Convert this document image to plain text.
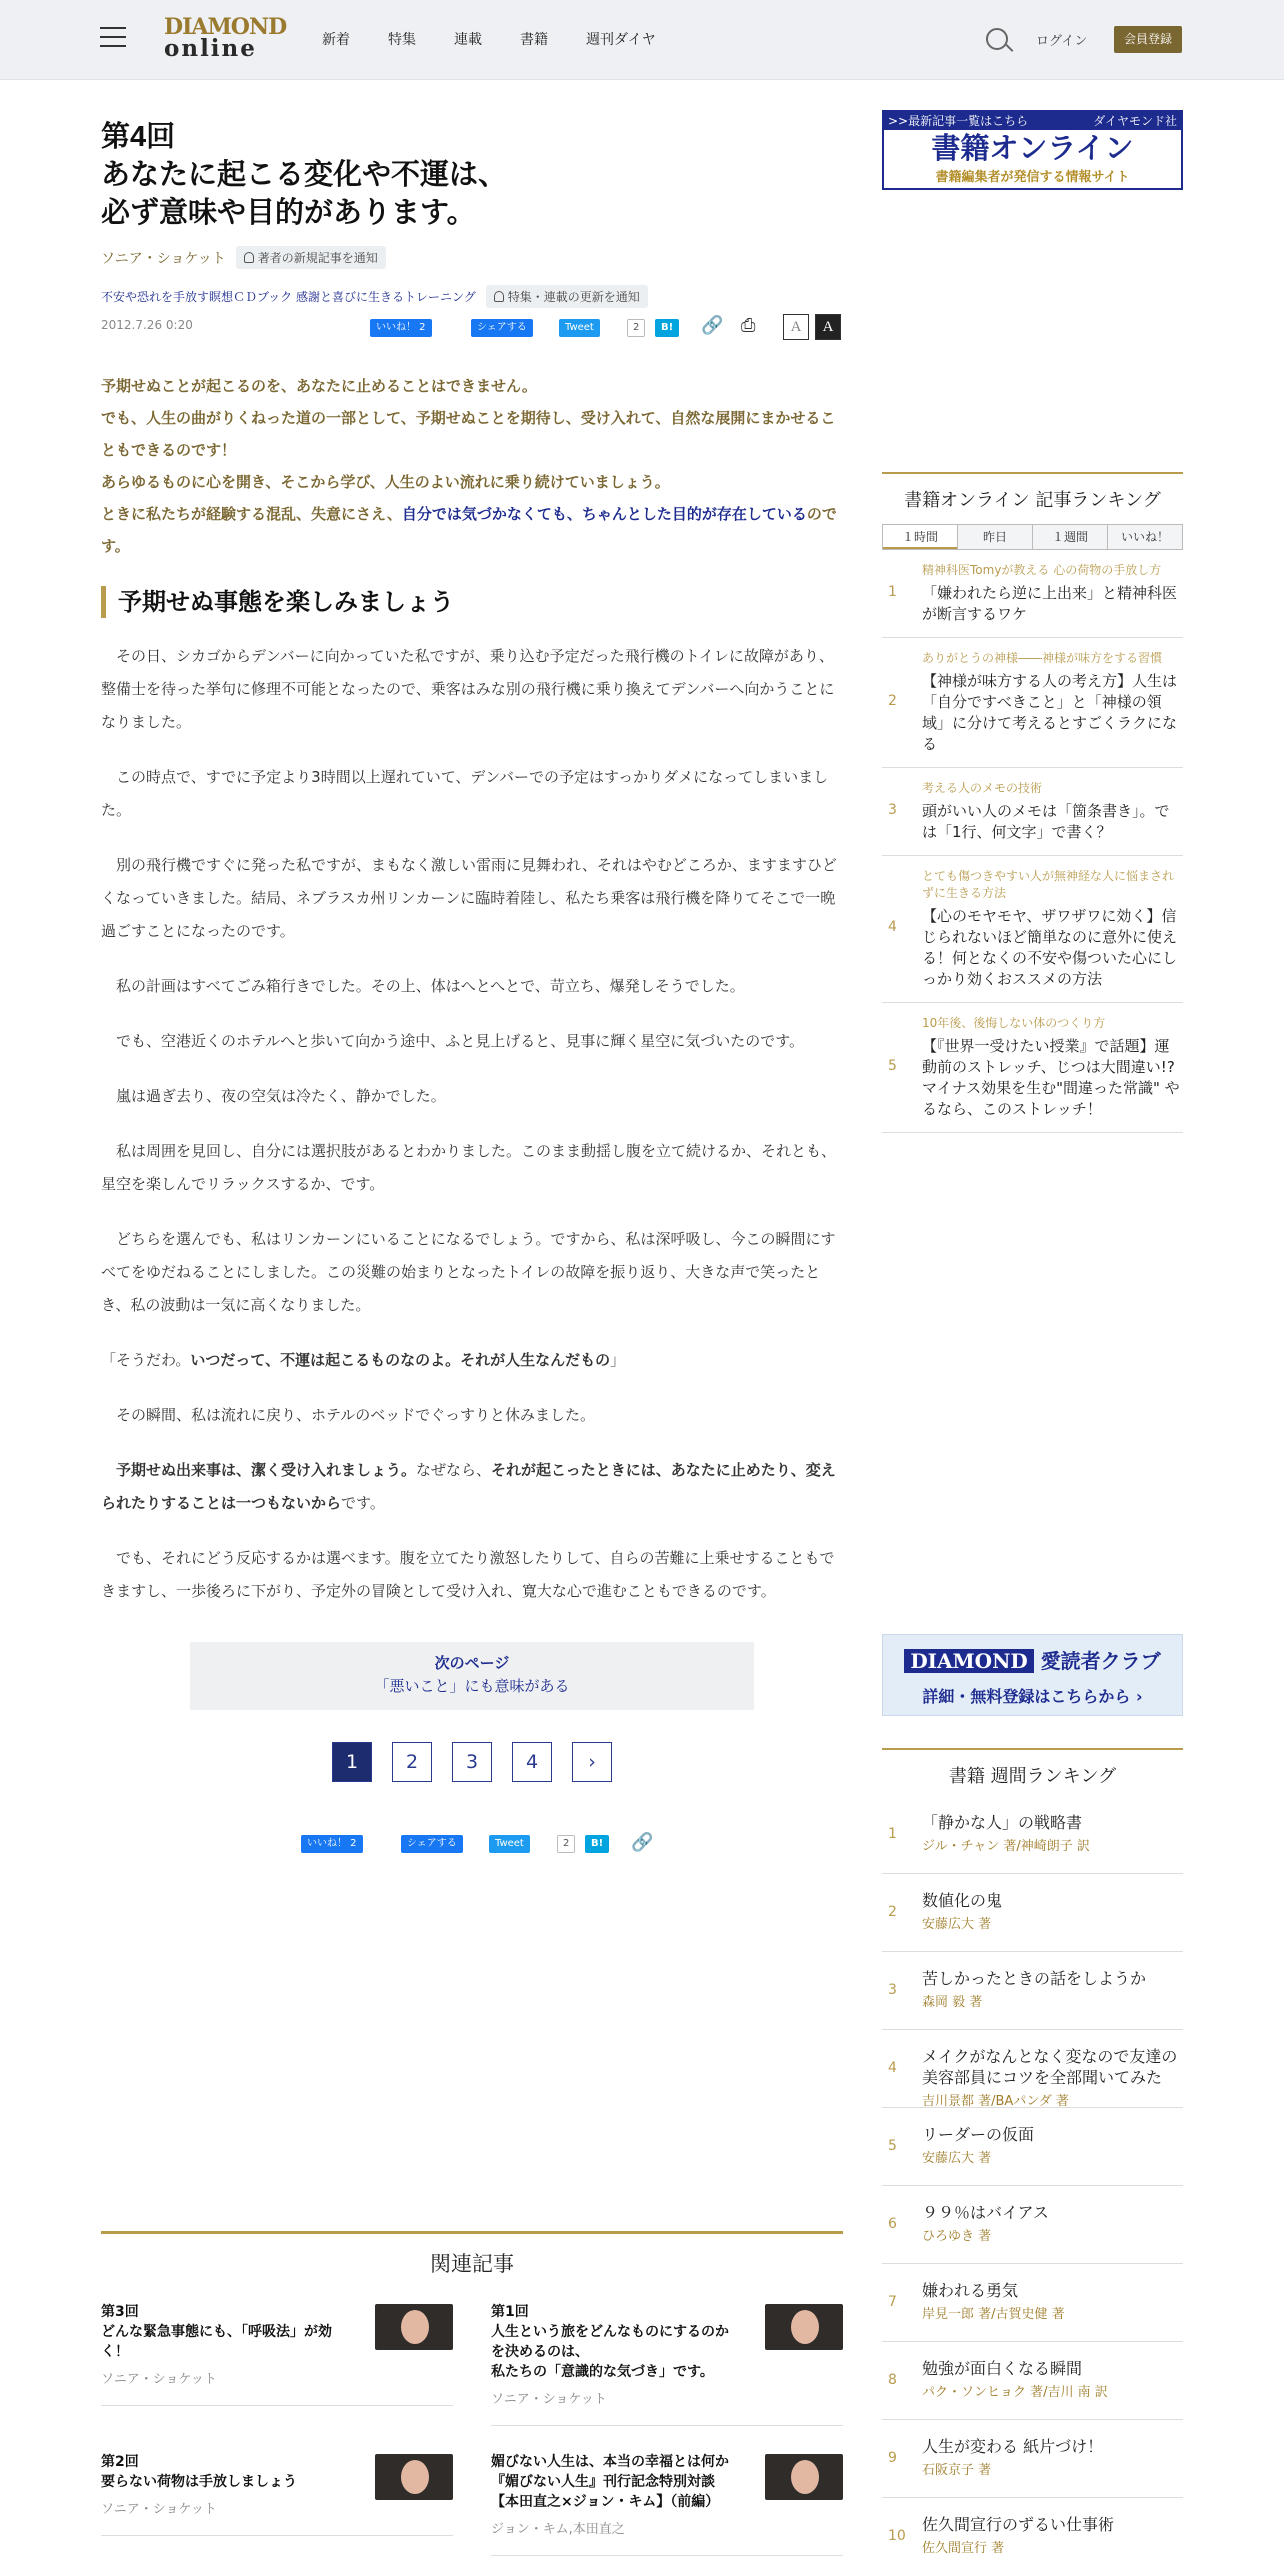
DIAMOND
online	新着	特集	連載	書籍	週刊ダイヤ	ログイン	会員登録
第4回
あなたに起こる変化や不運は、
必ず意味や目的があります。
ソニア・ショケット	著者の新規記事を通知
不安や恐れを手放す瞑想ＣＤブック 感謝と喜びに生きるトレーニング	特集・連載の更新を通知
2012.7.26 0:20	いいね！ 2	シェアする	Tweet	2	B!	🔗 ⎙	A	A
予期せぬことが起こるのを、あなたに止めることはできません。
でも、人生の曲がりくねった道の一部として、予期せぬことを期待し、受け入れて、自然な展開にまかせることもできるのです！
あらゆるものに心を開き、そこから学び、人生のよい流れに乗り続けていましょう。
ときに私たちが経験する混乱、失意にさえ、自分では気づかなくても、ちゃんとした目的が存在しているのです。
予期せぬ事態を楽しみましょう

その日、シカゴからデンバーに向かっていた私ですが、乗り込む予定だった飛行機のトイレに故障があり、整備士を待った挙句に修理不可能となったので、乗客はみな別の飛行機に乗り換えてデンバーへ向かうことになりました。

この時点で、すでに予定より3時間以上遅れていて、デンバーでの予定はすっかりダメになってしまいました。

別の飛行機ですぐに発った私ですが、まもなく激しい雷雨に見舞われ、それはやむどころか、ますますひどくなっていきました。結局、ネブラスカ州リンカーンに臨時着陸し、私たち乗客は飛行機を降りてそこで一晩過ごすことになったのです。

私の計画はすべてごみ箱行きでした。その上、体はへとへとで、苛立ち、爆発しそうでした。

でも、空港近くのホテルへと歩いて向かう途中、ふと見上げると、見事に輝く星空に気づいたのです。

嵐は過ぎ去り、夜の空気は冷たく、静かでした。

私は周囲を見回し、自分には選択肢があるとわかりました。このまま動揺し腹を立て続けるか、それとも、星空を楽しんでリラックスするか、です。

どちらを選んでも、私はリンカーンにいることになるでしょう。ですから、私は深呼吸し、今この瞬間にすべてをゆだねることにしました。この災難の始まりとなったトイレの故障を振り返り、大きな声で笑ったとき、私の波動は一気に高くなりました。

「そうだわ。いつだって、不運は起こるものなのよ。それが人生なんだもの」

その瞬間、私は流れに戻り、ホテルのベッドでぐっすりと休みました。

予期せぬ出来事は、潔く受け入れましょう。なぜなら、それが起こったときには、あなたに止めたり、変えられたりすることは一つもないからです。

でも、それにどう反応するかは選べます。腹を立てたり激怒したりして、自らの苦難に上乗せすることもできますし、一歩後ろに下がり、予定外の冒険として受け入れ、寛大な心で進むこともできるのです。

次のページ
「悪いこと」にも意味がある
1	2	3	4	›
いいね！ 2	シェアする	Tweet	2	B!	🔗
関連記事
第3回
どんな緊急事態にも、「呼吸法」が効く！
ソニア・ショケット
第1回
人生という旅をどんなものにするのかを決めるのは、
私たちの「意識的な気づき」です。
ソニア・ショケット
第2回
要らない荷物は手放しましょう
ソニア・ショケット
媚びない人生は、本当の幸福とは何か
『媚びない人生』刊行記念特別対談
【本田直之×ジョン・キム】（前編）
ジョン・キム,本田直之
>>最新記事一覧はこちら	ダイヤモンド社
書籍オンライン
書籍編集者が発信する情報サイト
書籍オンライン 記事ランキング
１時間	昨日	１週間	いいね！
1
精神科医Tomyが教える 心の荷物の手放し方
「嫌われたら逆に上出来」と精神科医が断言するワケ
2
ありがとうの神様――神様が味方をする習慣
【神様が味方する人の考え方】人生は「自分ですべきこと」と「神様の領域」に分けて考えるとすごくラクになる
3
考える人のメモの技術
頭がいい人のメモは「箇条書き」。では「1行、何文字」で書く？
4
とても傷つきやすい人が無神経な人に悩まされずに生きる方法
【心のモヤモヤ、ザワザワに効く】信じられないほど簡単なのに意外に使える！何となくの不安や傷ついた心にしっかり効くおススメの方法
5
10年後、後悔しない体のつくり方
【『世界一受けたい授業』で話題】運動前のストレッチ、じつは大間違い!? マイナス効果を生む"間違った常識" やるなら、このストレッチ！
DIAMOND 愛読者クラブ
詳細・無料登録はこちらから ›
書籍 週間ランキング
1
「静かな人」の戦略書
ジル・チャン 著/神崎朗子 訳
2
数値化の鬼
安藤広大 著
3
苦しかったときの話をしようか
森岡 毅 著
4
メイクがなんとなく変なので友達の美容部員にコツを全部聞いてみた
吉川景都 著/BAパンダ 著
5
リーダーの仮面
安藤広大 著
6
９９％はバイアス
ひろゆき 著
7
嫌われる勇気
岸見一郎 著/古賀史健 著
8
勉強が面白くなる瞬間
パク・ソンヒョク 著/吉川 南 訳
9
人生が変わる 紙片づけ！
石阪京子 著
10
佐久間宣行のずるい仕事術
佐久間宣行 著
